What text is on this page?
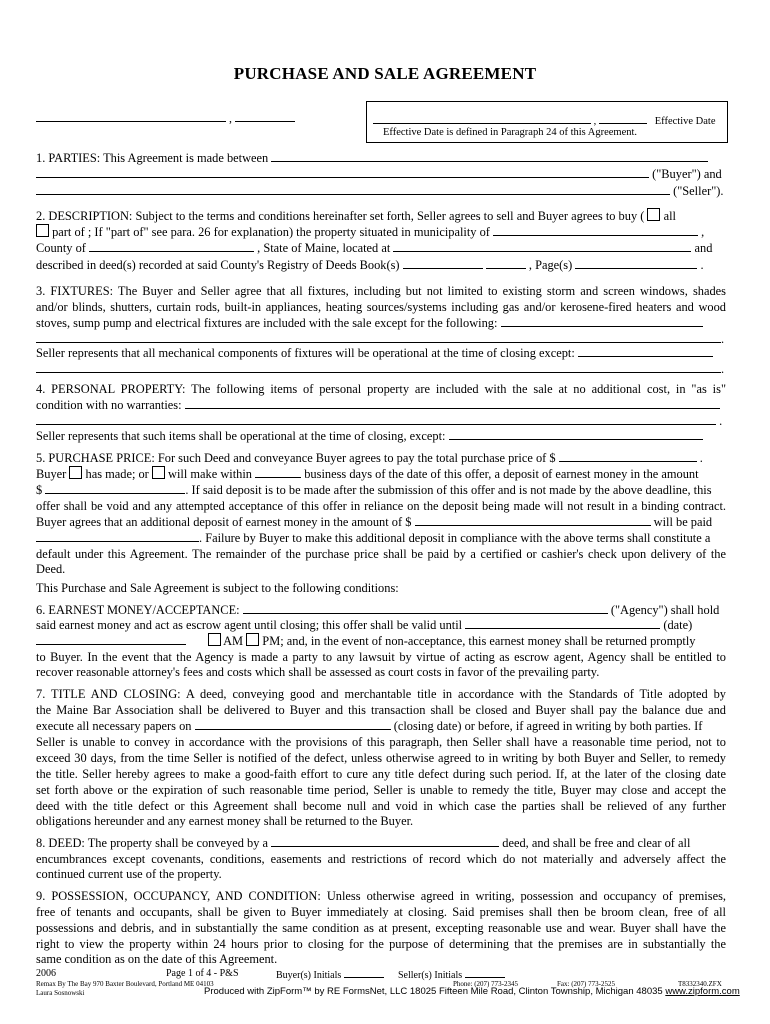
PURCHASE AND SALE AGREEMENT
,	,	Effective Date
Effective Date is defined in Paragraph 24 of this Agreement.
1. PARTIES: This Agreement is made between
("Buyer") and
("Seller").
2. DESCRIPTION: Subject to the terms and conditions hereinafter set forth, Seller agrees to sell and Buyer agrees to buy ( all
part of ; If "part of" see para. 26 for explanation) the property situated in municipality of	,
County of	, State of Maine, located at	and
described in deed(s) recorded at said County's Registry of Deeds Book(s)	, Page(s)	.
3. FIXTURES: The Buyer and Seller agree that all fixtures, including but not limited to existing storm and screen windows, shades
and/or blinds, shutters, curtain rods, built-in appliances, heating sources/systems including gas and/or kerosene-fired heaters and wood
stoves, sump pump and electrical fixtures are included with the sale except for the following:
.
Seller represents that all mechanical components of fixtures will be operational at the time of closing except:
.
4. PERSONAL PROPERTY: The following items of personal property are included with the sale at no additional cost, in "as is"
condition with no warranties:
.
Seller represents that such items shall be operational at the time of closing, except:
5. PURCHASE PRICE: For such Deed and conveyance Buyer agrees to pay the total purchase price of $	.
Buyer has made; or will make within	business days of the date of this offer, a deposit of earnest money in the amount
$	. If said deposit is to be made after the submission of this offer and is not made by the above deadline, this
offer shall be void and any attempted acceptance of this offer in reliance on the deposit being made will not result in a binding contract.
Buyer agrees that an additional deposit of earnest money in the amount of $	will be paid
. Failure by Buyer to make this additional deposit in compliance with the above terms shall constitute a
default under this Agreement. The remainder of the purchase price shall be paid by a certified or cashier's check upon delivery of the
Deed.
This Purchase and Sale Agreement is subject to the following conditions:
6. EARNEST MONEY/ACCEPTANCE:	("Agency") shall hold
said earnest money and act as escrow agent until closing; this offer shall be valid until	(date)
AM PM; and, in the event of non-acceptance, this earnest money shall be returned promptly
to Buyer. In the event that the Agency is made a party to any lawsuit by virtue of acting as escrow agent, Agency shall be entitled to
recover reasonable attorney's fees and costs which shall be assessed as court costs in favor of the prevailing party.
7. TITLE AND CLOSING: A deed, conveying good and merchantable title in accordance with the Standards of Title adopted by
the Maine Bar Association shall be delivered to Buyer and this transaction shall be closed and Buyer shall pay the balance due and
execute all necessary papers on	(closing date) or before, if agreed in writing by both parties. If
Seller is unable to convey in accordance with the provisions of this paragraph, then Seller shall have a reasonable time period, not to
exceed 30 days, from the time Seller is notified of the defect, unless otherwise agreed to in writing by both Buyer and Seller, to remedy
the title. Seller hereby agrees to make a good-faith effort to cure any title defect during such period. If, at the later of the closing date
set forth above or the expiration of such reasonable time period, Seller is unable to remedy the title, Buyer may close and accept the
deed with the title defect or this Agreement shall become null and void in which case the parties shall be relieved of any further
obligations hereunder and any earnest money shall be returned to the Buyer.
8. DEED: The property shall be conveyed by a	deed, and shall be free and clear of all
encumbrances except covenants, conditions, easements and restrictions of record which do not materially and adversely affect the
continued current use of the property.
9. POSSESSION, OCCUPANCY, AND CONDITION: Unless otherwise agreed in writing, possession and occupancy of premises,
free of tenants and occupants, shall be given to Buyer immediately at closing. Said premises shall then be broom clean, free of all
possessions and debris, and in substantially the same condition as at present, excepting reasonable use and wear. Buyer shall have the
right to view the property within 24 hours prior to closing for the purpose of determining that the premises are in substantially the
same condition as on the date of this Agreement.
2006	Page 1 of 4 - P&S	Buyer(s) Initials	Seller(s) Initials
Remax By The Bay 970 Baxter Boulevard, Portland ME 04103	Phone: (207) 773-2345	Fax: (207) 773-2525	T8332340.ZFX
Laura Sosnowski	Produced with ZipForm™ by RE FormsNet, LLC 18025 Fifteen Mile Road, Clinton Township, Michigan 48035 www.zipform.com
